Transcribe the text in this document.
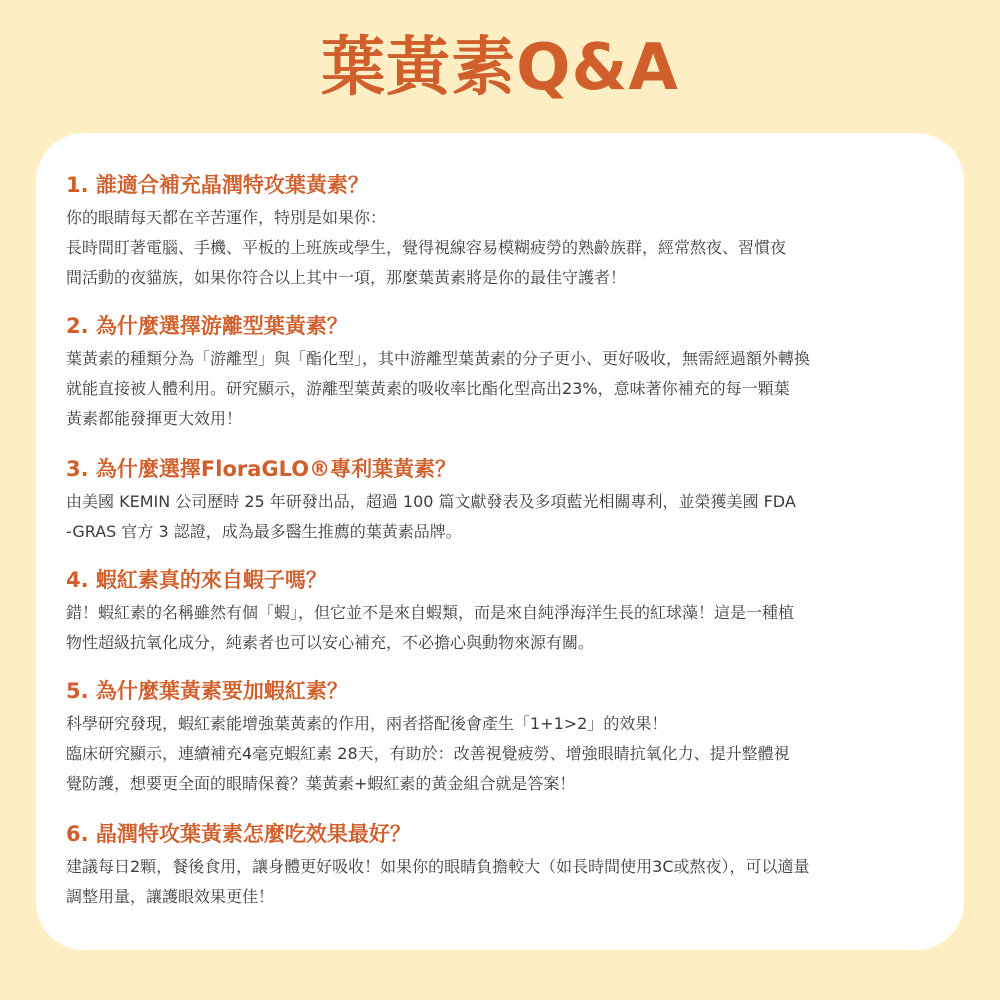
葉黃素Q&A
1. 誰適合補充晶潤特攻葉黃素？
你的眼睛每天都在辛苦運作，特別是如果你：
長時間盯著電腦、手機、平板的上班族或學生，覺得視線容易模糊疲勞的熟齡族群，經常熬夜、習慣夜
間活動的夜貓族，如果你符合以上其中一項，那麼葉黃素將是你的最佳守護者！
2. 為什麼選擇游離型葉黃素？
葉黃素的種類分為「游離型」與「酯化型」，其中游離型葉黃素的分子更小、更好吸收，無需經過額外轉換
就能直接被人體利用。研究顯示，游離型葉黃素的吸收率比酯化型高出23%，意味著你補充的每一顆葉
黃素都能發揮更大效用！
3. 為什麼選擇FloraGLO®專利葉黃素？
由美國 KEMIN 公司歷時 25 年研發出品，超過 100 篇文獻發表及多項藍光相關專利，並榮獲美國 FDA
-GRAS 官方 3 認證，成為最多醫生推薦的葉黃素品牌。
4. 蝦紅素真的來自蝦子嗎？
錯！蝦紅素的名稱雖然有個「蝦」，但它並不是來自蝦類，而是來自純淨海洋生長的紅球藻！這是一種植
物性超級抗氧化成分，純素者也可以安心補充，不必擔心與動物來源有關。
5. 為什麼葉黃素要加蝦紅素？
科學研究發現，蝦紅素能增強葉黃素的作用，兩者搭配後會產生「1+1>2」的效果！
臨床研究顯示，連續補充4毫克蝦紅素 28天，有助於：改善視覺疲勞、增強眼睛抗氧化力、提升整體視
覺防護，想要更全面的眼睛保養？葉黃素+蝦紅素的黃金組合就是答案！
6. 晶潤特攻葉黃素怎麼吃效果最好？
建議每日2顆，餐後食用，讓身體更好吸收！如果你的眼睛負擔較大（如長時間使用3C或熬夜），可以適量
調整用量，讓護眼效果更佳！
